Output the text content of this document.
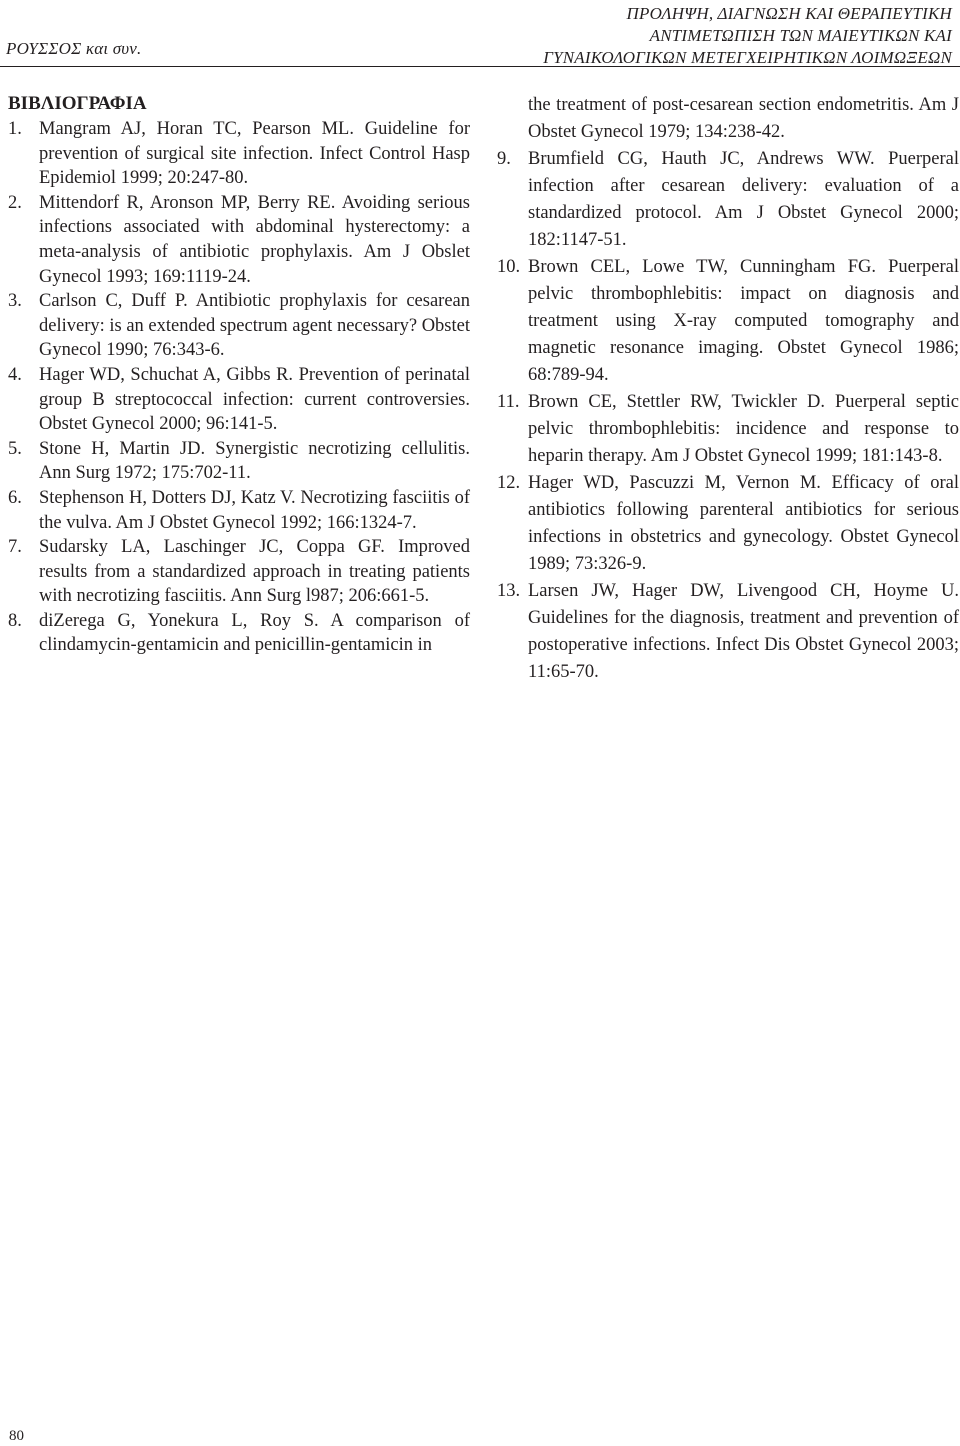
ΡΟΥΣΣΟΣ και συν.
ΠΡΟΛΗΨΗ, ΔΙΑΓΝΩΣΗ ΚΑΙ ΘΕΡΑΠΕΥΤΙΚΗ
ΑΝΤΙΜΕΤΩΠΙΣΗ ΤΩΝ ΜΑΙΕΥΤΙΚΩΝ ΚΑΙ
ΓΥΝΑΙΚΟΛΟΓΙΚΩΝ ΜΕΤΕΓΧΕΙΡΗΤΙΚΩΝ ΛΟΙΜΩΞΕΩΝ
ΒΙΒΛΙΟΓΡΑΦΙΑ
1. Mangram AJ, Horan TC, Pearson ML. Guideline for prevention of surgical site infection. Infect Control Hasp Epidemiol 1999; 20:247-80.
2. Mittendorf R, Aronson MP, Berry RE. Avoiding serious infections associated with abdominal hysterectomy: a meta-analysis of antibiotic prophylaxis. Am J Obslet Gynecol 1993; 169:1119-24.
3. Carlson C, Duff P. Antibiotic prophylaxis for cesarean delivery: is an extended spectrum agent necessary? Obstet Gynecol 1990; 76:343-6.
4. Hager WD, Schuchat A, Gibbs R. Prevention of perinatal group B streptococcal infection: current controversies. Obstet Gynecol 2000; 96:141-5.
5. Stone H, Martin JD. Synergistic necrotizing cellulitis. Ann Surg 1972; 175:702-11.
6. Stephenson H, Dotters DJ, Katz V. Necrotizing fasciitis of the vulva. Am J Obstet Gynecol 1992; 166:1324-7.
7. Sudarsky LA, Laschinger JC, Coppa GF. Improved results from a standardized approach in treating patients with necrotizing fasciitis. Ann Surg l987; 206:661-5.
8. diZerega G, Yonekura L, Roy S. A comparison of clindamycin-gentamicin and penicillin-gentamicin in
the treatment of post-cesarean section endometritis. Am J Obstet Gynecol 1979; 134:238-42.
9. Brumfield CG, Hauth JC, Andrews WW. Puerperal infection after cesarean delivery: evaluation of a standardized protocol. Am J Obstet Gynecol 2000; 182:1147-51.
10. Brown CEL, Lowe TW, Cunningham FG. Puerperal pelvic thrombophlebitis: impact on diagnosis and treatment using X-ray computed tomography and magnetic resonance imaging. Obstet Gynecol 1986; 68:789-94.
11. Brown CE, Stettler RW, Twickler D. Puerperal septic pelvic thrombophlebitis: incidence and response to heparin therapy. Am J Obstet Gynecol 1999; 181:143-8.
12. Hager WD, Pascuzzi M, Vernon M. Efficacy of oral antibiotics following parenteral antibiotics for serious infections in obstetrics and gynecology. Obstet Gynecol 1989; 73:326-9.
13. Larsen JW, Hager DW, Livengood CH, Hoyme U. Guidelines for the diagnosis, treatment and prevention of postoperative infections. Infect Dis Obstet Gynecol 2003; 11:65-70.
80
